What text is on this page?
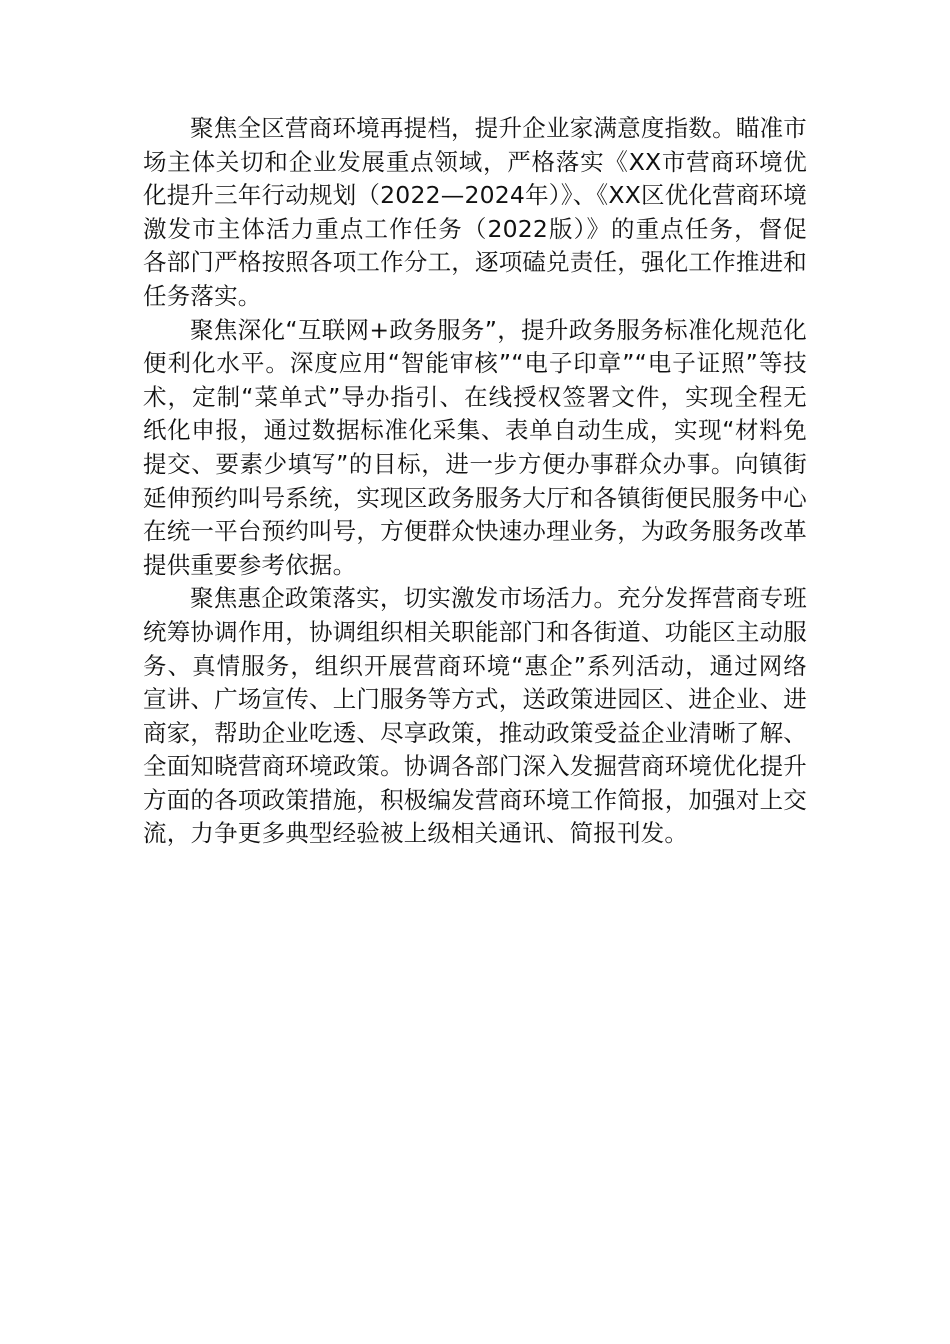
聚焦全区营商环境再提档，提升企业家满意度指数。瞄准市场主体关切和企业发展重点领域，严格落实《XX市营商环境优化提升三年行动规划（2022—2024年）》、《XX区优化营商环境激发市主体活力重点工作任务（2022版）》的重点任务，督促各部门严格按照各项工作分工，逐项磕兑责任，强化工作推进和任务落实。

聚焦深化“互联网+政务服务”，提升政务服务标准化规范化便利化水平。深度应用“智能审核”“电子印章”“电子证照”等技术，定制“菜单式”导办指引、在线授权签署文件，实现全程无纸化申报，通过数据标准化采集、表单自动生成，实现“材料免提交、要素少填写”的目标，进一步方便办事群众办事。向镇街延伸预约叫号系统，实现区政务服务大厅和各镇街便民服务中心在统一平台预约叫号，方便群众快速办理业务，为政务服务改革提供重要参考依据。

聚焦惠企政策落实，切实激发市场活力。充分发挥营商专班统筹协调作用，协调组织相关职能部门和各街道、功能区主动服务、真情服务，组织开展营商环境“惠企”系列活动，通过网络宣讲、广场宣传、上门服务等方式，送政策进园区、进企业、进商家，帮助企业吃透、尽享政策，推动政策受益企业清晰了解、全面知晓营商环境政策。协调各部门深入发掘营商环境优化提升方面的各项政策措施，积极编发营商环境工作简报，加强对上交流，力争更多典型经验被上级相关通讯、简报刊发。
